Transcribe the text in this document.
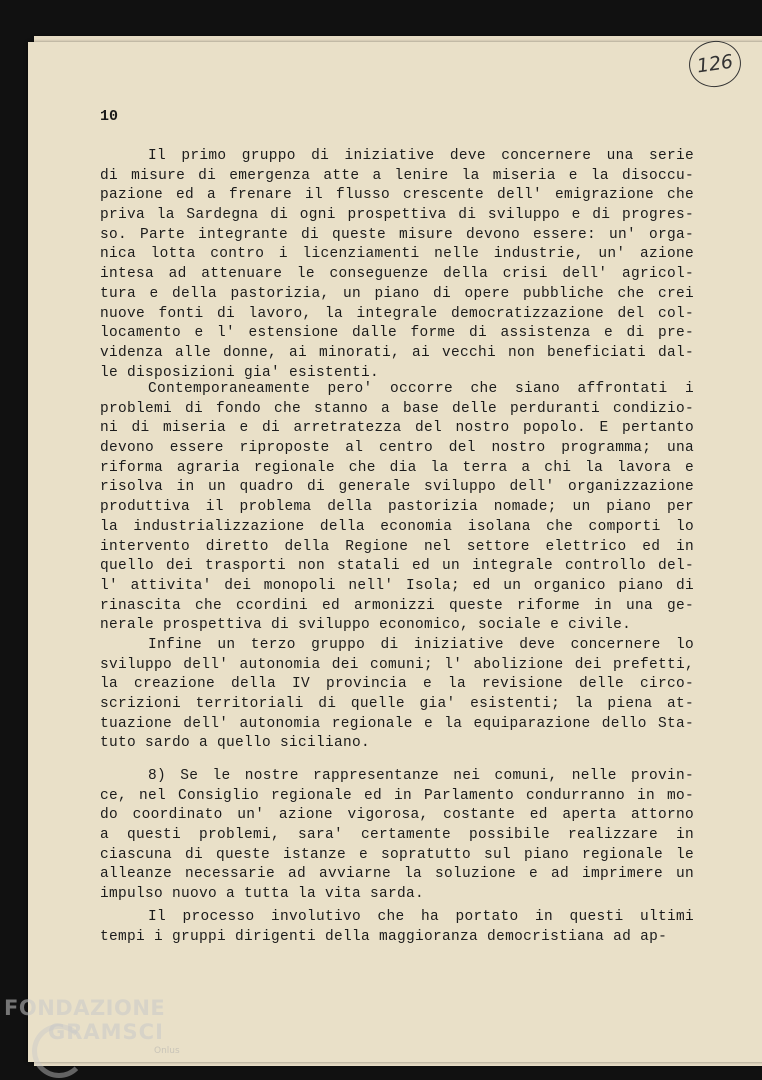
126
10
Il primo gruppo di iniziative deve concernere una serie
di misure di emergenza atte a lenire la miseria e la disoccu-
pazione ed a frenare il flusso crescente dell' emigrazione che
priva la Sardegna di ogni prospettiva di sviluppo e di progres-
so. Parte integrante di queste misure devono essere: un' orga-
nica lotta contro i licenziamenti nelle industrie, un' azione
intesa ad attenuare le conseguenze della crisi dell' agricol-
tura e della pastorizia, un piano di opere pubbliche che crei
nuove fonti di lavoro, la integrale democratizzazione del col-
locamento e l' estensione dalle forme di assistenza e di pre-
videnza alle donne, ai minorati, ai vecchi non beneficiati dal-
le disposizioni gia' esistenti.
Contemporaneamente pero' occorre che siano affrontati i
problemi di fondo che stanno a base delle perduranti condizio-
ni di miseria e di arretratezza del nostro popolo. E pertanto
devono essere riproposte al centro del nostro programma; una
riforma agraria regionale che dia la terra a chi la lavora e
risolva in un quadro di generale sviluppo dell' organizzazione
produttiva il problema della pastorizia nomade; un piano per
la industrializzazione della economia isolana che comporti lo
intervento diretto della Regione nel settore elettrico ed in
quello dei trasporti non statali ed un integrale controllo del-
l' attivita' dei monopoli nell' Isola; ed un organico piano di
rinascita che ccordini ed armonizzi queste riforme in una ge-
nerale prospettiva di sviluppo economico, sociale e civile.
Infine un terzo gruppo di iniziative deve concernere lo
sviluppo dell' autonomia dei comuni; l' abolizione dei prefetti,
la creazione della IV provincia e la revisione delle circo-
scrizioni territoriali di quelle gia' esistenti; la piena at-
tuazione dell' autonomia regionale e la equiparazione dello Sta-
tuto sardo a quello siciliano.
8) Se le nostre rappresentanze nei comuni, nelle provin-
ce, nel Consiglio regionale ed in Parlamento condurranno in mo-
do coordinato un' azione vigorosa, costante ed aperta attorno
a questi problemi, sara' certamente possibile realizzare in
ciascuna di queste istanze e sopratutto sul piano regionale le
alleanze necessarie ad avviarne la soluzione e ad imprimere un
impulso nuovo a tutta la vita sarda.
Il processo involutivo che ha portato in questi ultimi
tempi i gruppi dirigenti della maggioranza democristiana ad ap-
FONDAZIONE
GRAMSCI
Onlus
